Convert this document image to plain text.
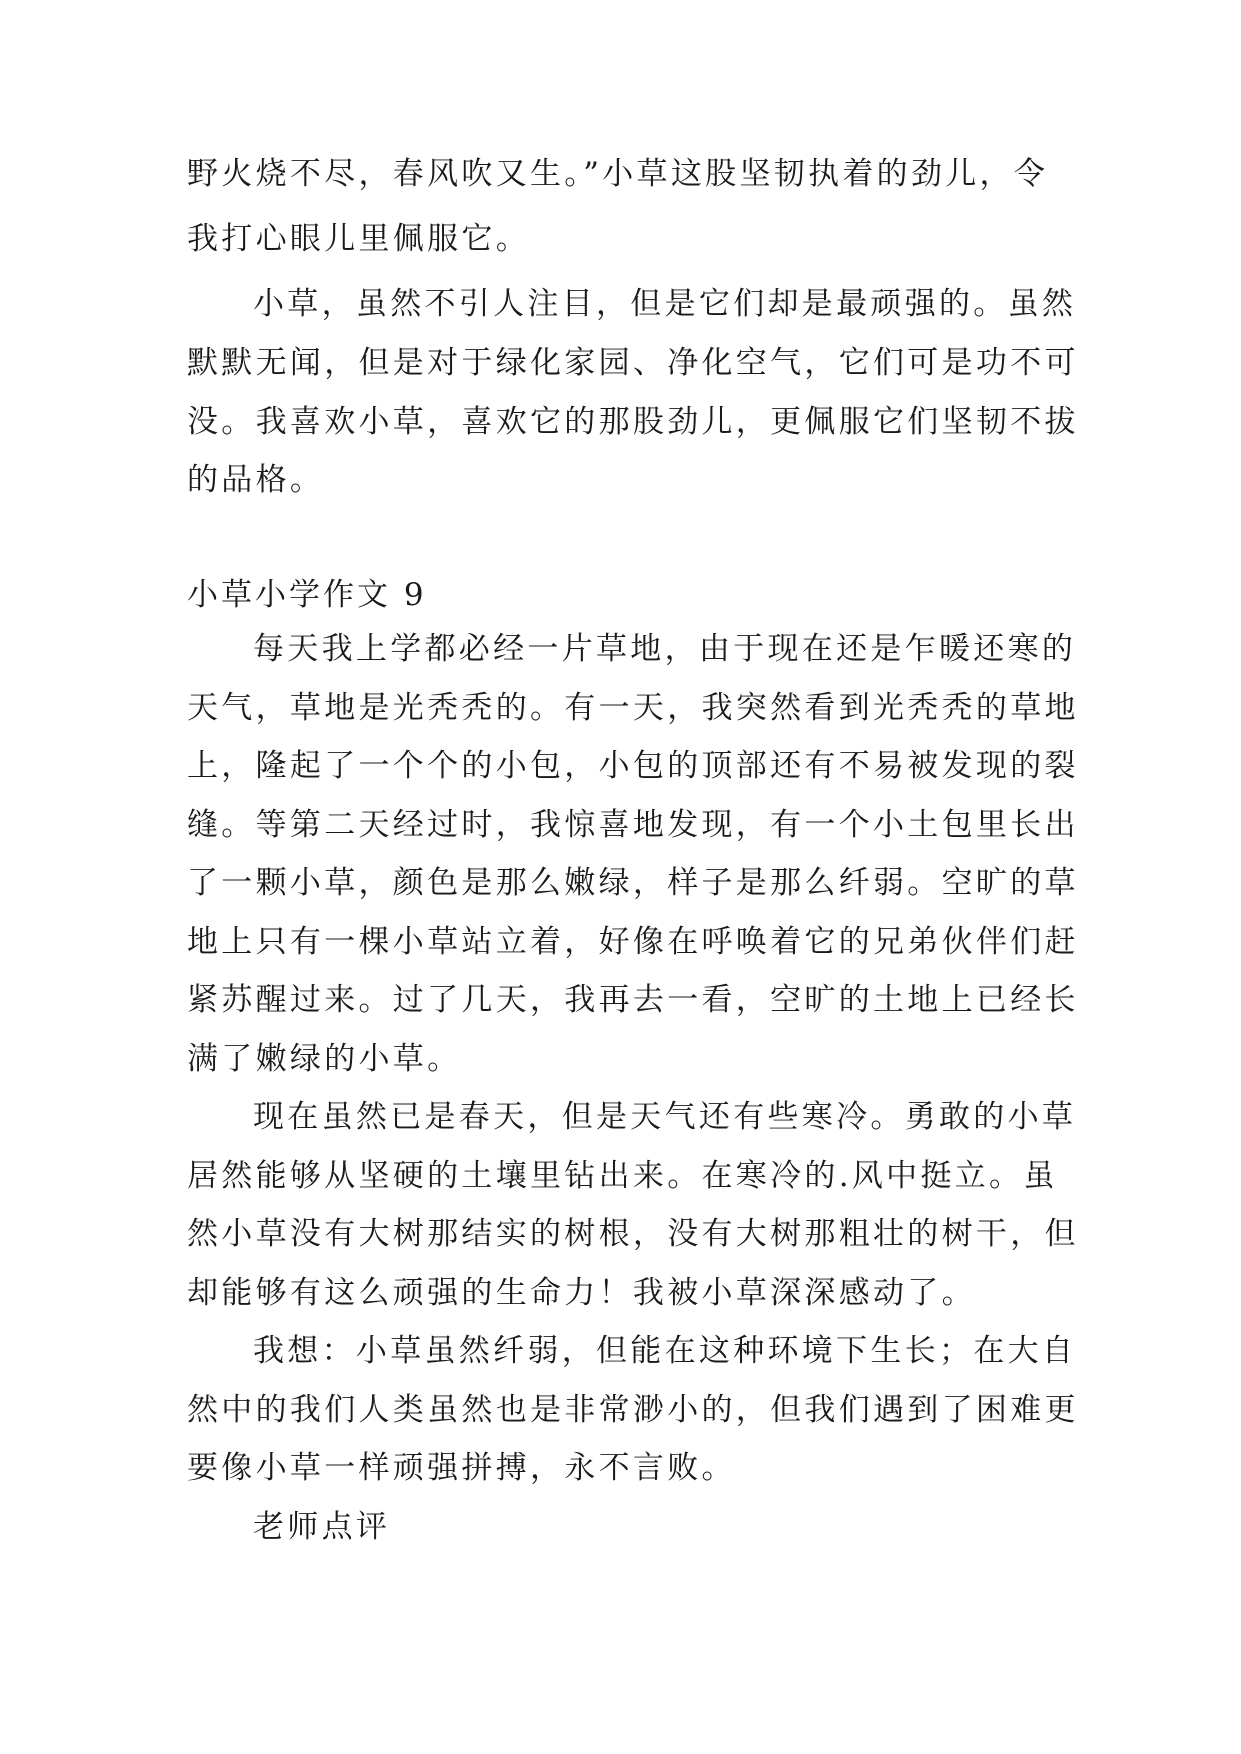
野火烧不尽，春风吹又生。”小草这股坚韧执着的劲儿，令
我打心眼儿里佩服它。
小草，虽然不引人注目，但是它们却是最顽强的。虽然
默默无闻，但是对于绿化家园、净化空气，它们可是功不可
没。我喜欢小草，喜欢它的那股劲儿，更佩服它们坚韧不拔
的品格。
小草小学作文 9
每天我上学都必经一片草地，由于现在还是乍暖还寒的
天气，草地是光秃秃的。有一天，我突然看到光秃秃的草地
上，隆起了一个个的小包，小包的顶部还有不易被发现的裂
缝。等第二天经过时，我惊喜地发现，有一个小土包里长出
了一颗小草，颜色是那么嫩绿，样子是那么纤弱。空旷的草
地上只有一棵小草站立着，好像在呼唤着它的兄弟伙伴们赶
紧苏醒过来。过了几天，我再去一看，空旷的土地上已经长
满了嫩绿的小草。
现在虽然已是春天，但是天气还有些寒冷。勇敢的小草
居然能够从坚硬的土壤里钻出来。在寒冷的.风中挺立。虽
然小草没有大树那结实的树根，没有大树那粗壮的树干，但
却能够有这么顽强的生命力！我被小草深深感动了。
我想：小草虽然纤弱，但能在这种环境下生长；在大自
然中的我们人类虽然也是非常渺小的，但我们遇到了困难更
要像小草一样顽强拼搏，永不言败。
老师点评
